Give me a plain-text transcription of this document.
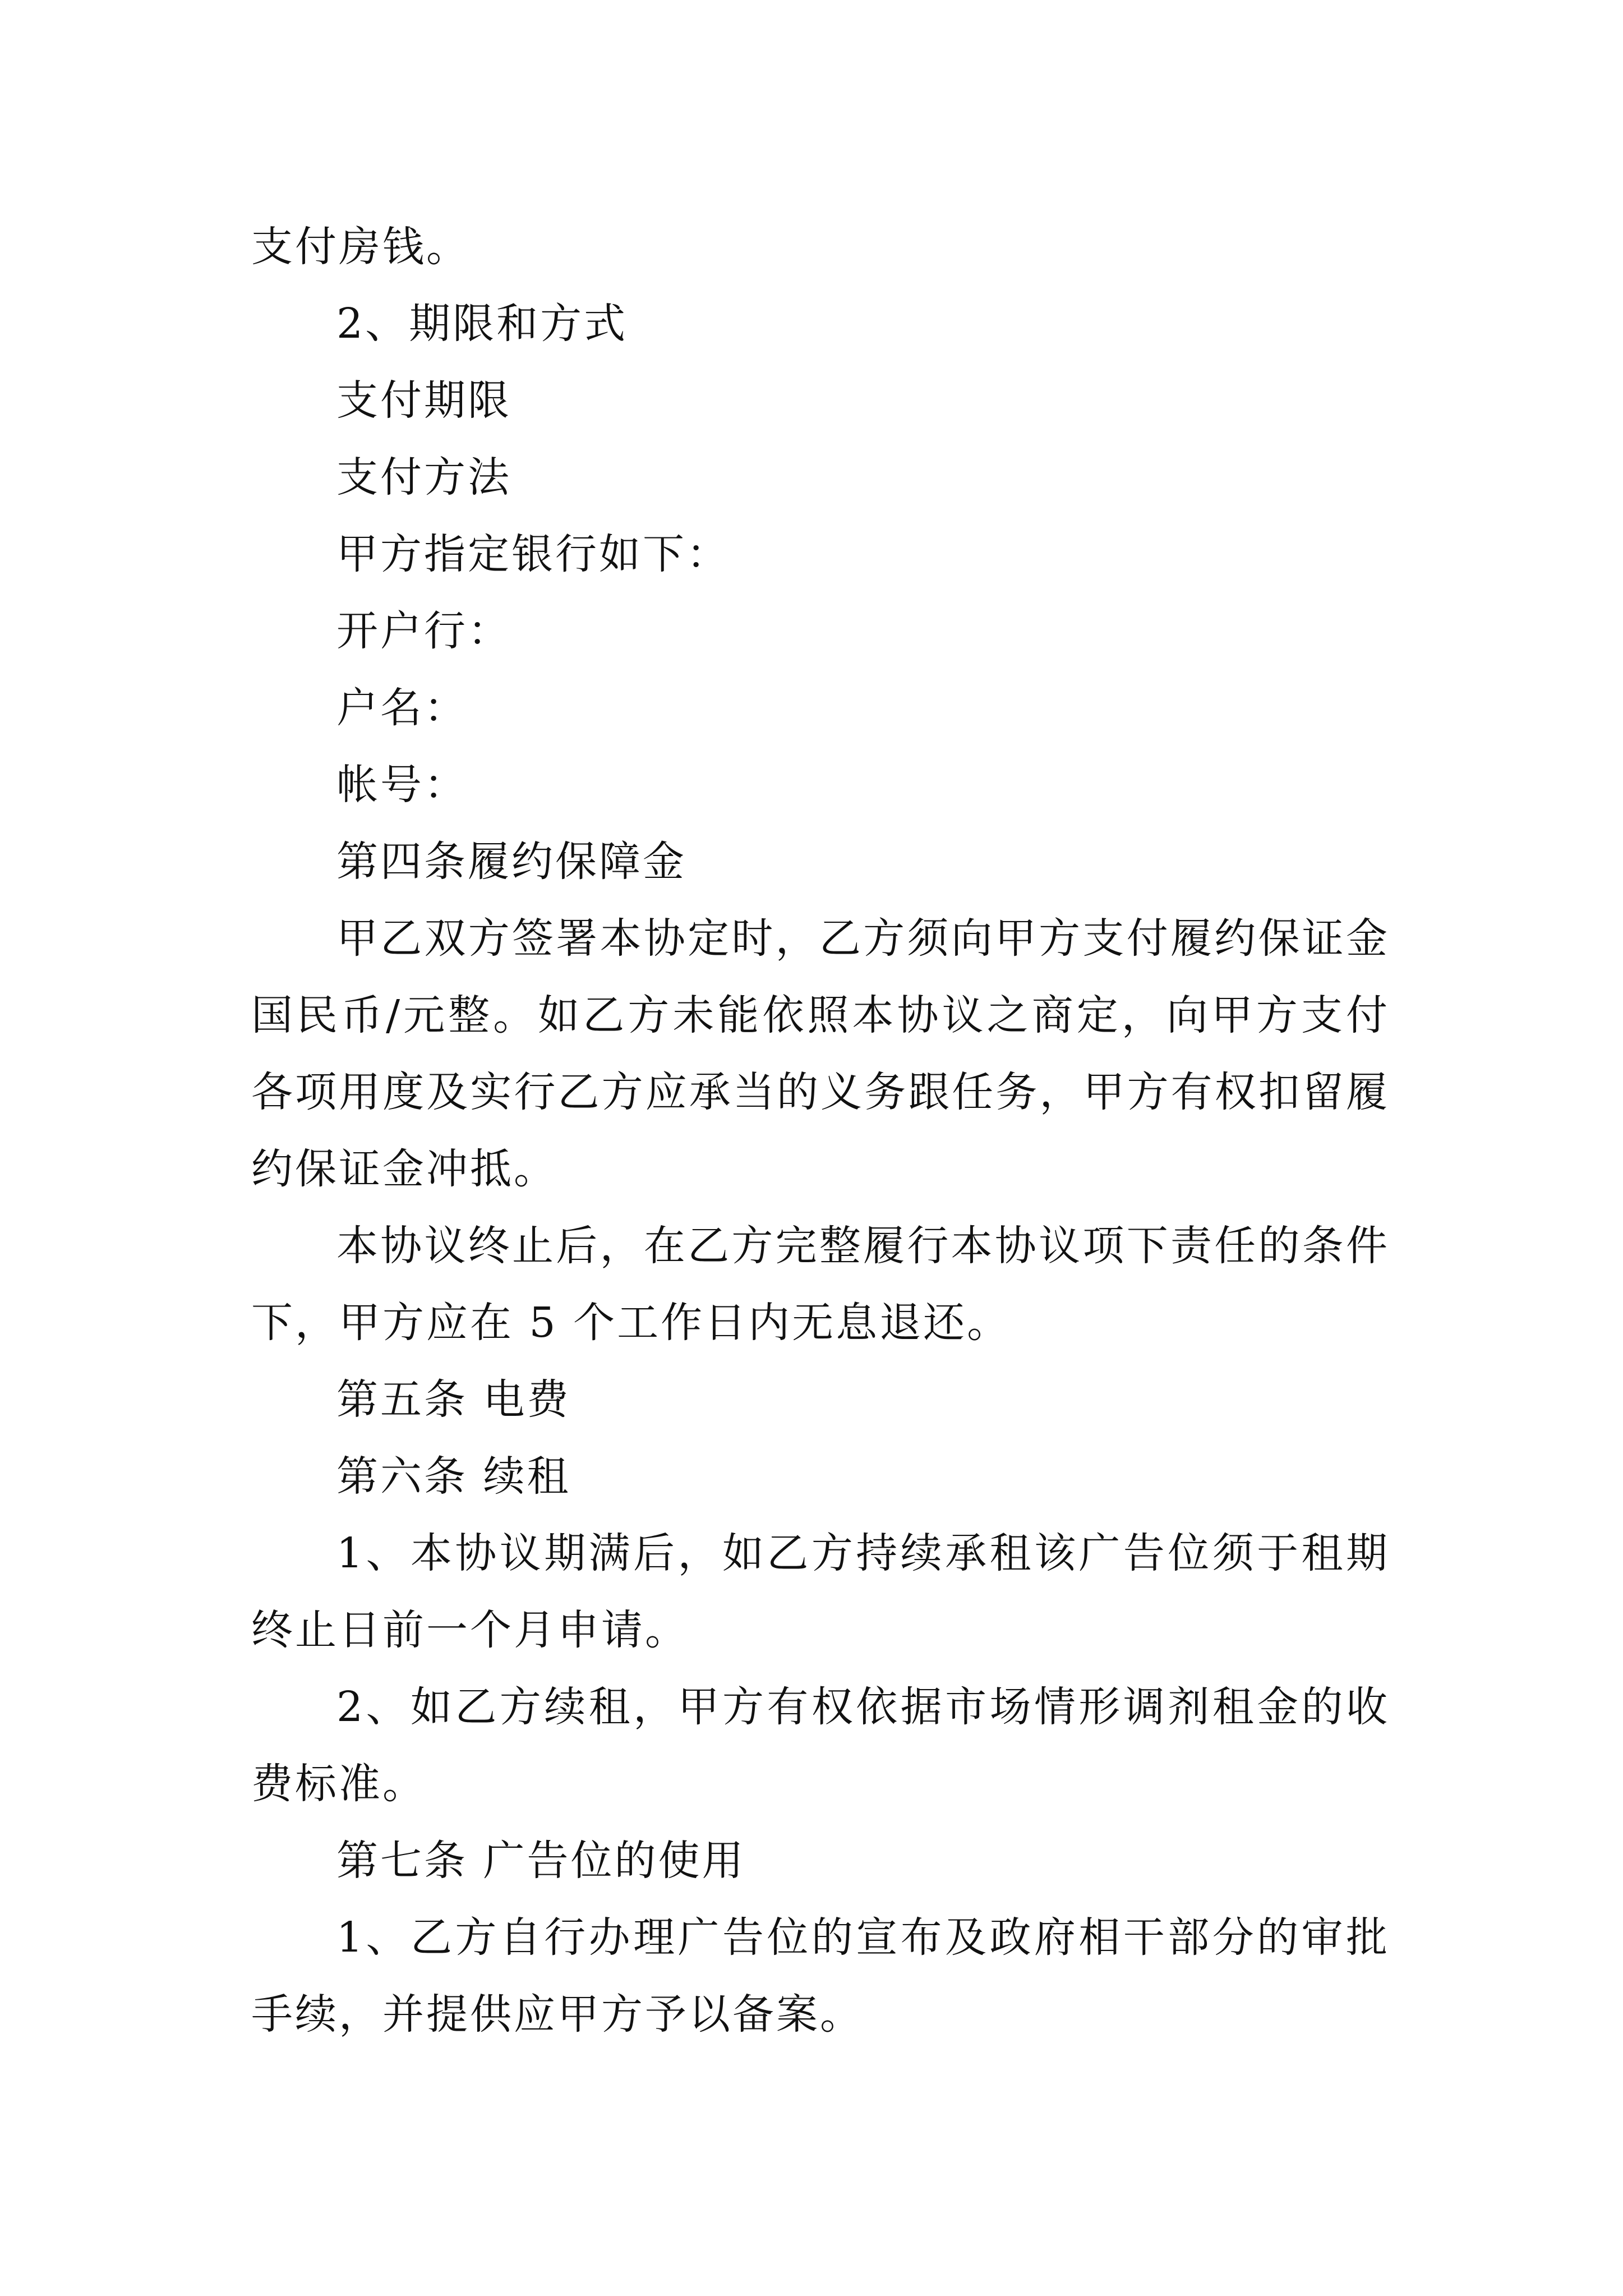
支付房钱。

2、期限和方式

支付期限

支付方法

甲方指定银行如下：

开户行：

户名：

帐号：

第四条履约保障金

甲乙双方签署本协定时，乙方须向甲方支付履约保证金国民币/元整。如乙方未能依照本协议之商定，向甲方支付各项用度及实行乙方应承当的义务跟任务，甲方有权扣留履约保证金冲抵。

本协议终止后，在乙方完整履行本协议项下责任的条件下，甲方应在 5 个工作日内无息退还。

第五条 电费

第六条 续租

1、本协议期满后，如乙方持续承租该广告位须于租期终止日前一个月申请。

2、如乙方续租，甲方有权依据市场情形调剂租金的收费标准。

第七条 广告位的使用

1、乙方自行办理广告位的宣布及政府相干部分的审批手续，并提供应甲方予以备案。
